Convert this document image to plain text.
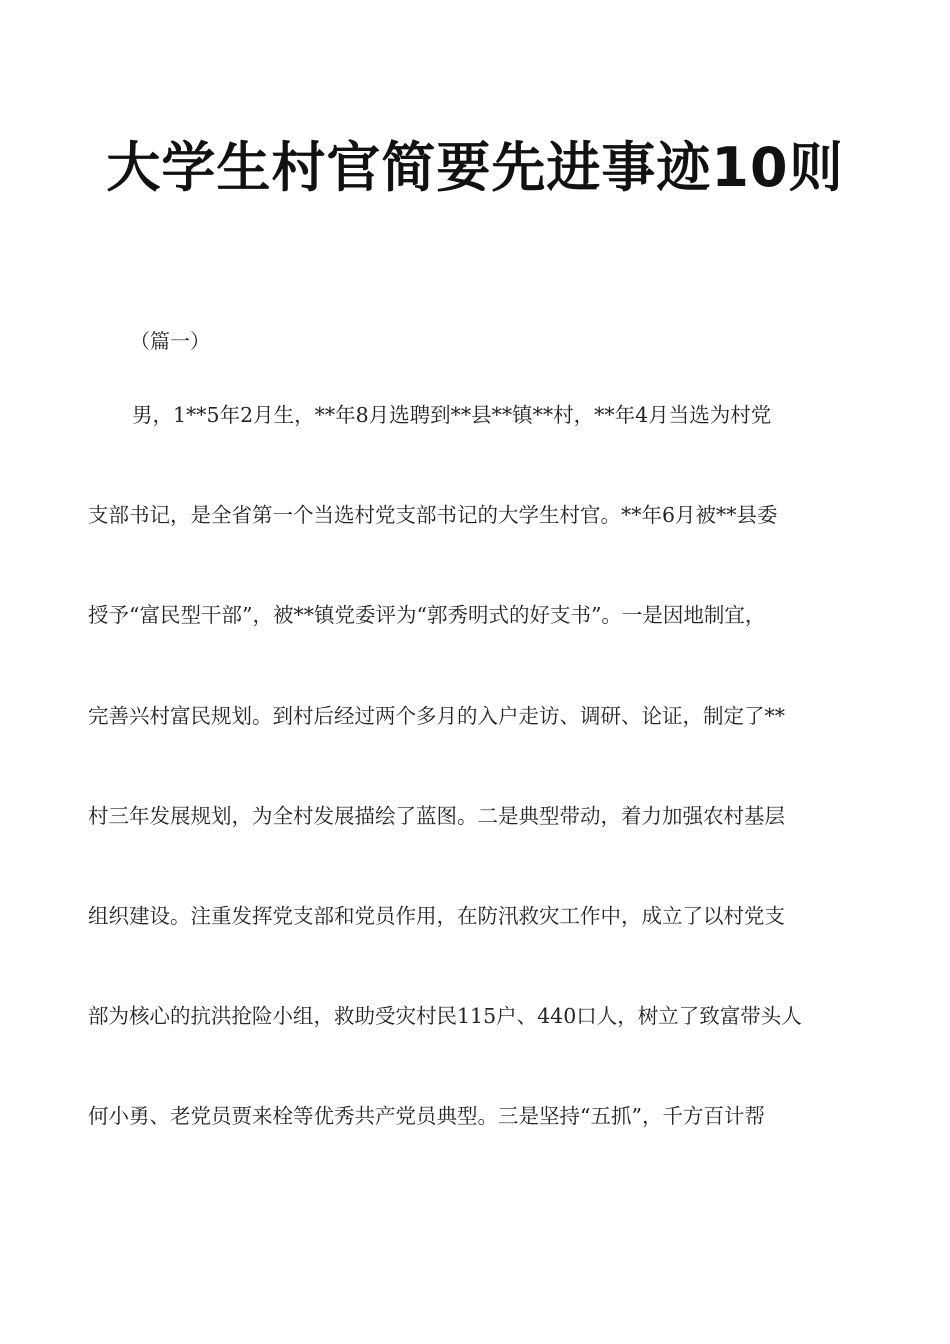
大学生村官简要先进事迹10则
（篇一）
男，1**5年2月生，**年8月选聘到**县**镇**村，**年4月当选为村党
支部书记，是全省第一个当选村党支部书记的大学生村官。**年6月被**县委
授予“富民型干部”，被**镇党委评为“郭秀明式的好支书”。一是因地制宜，
完善兴村富民规划。到村后经过两个多月的入户走访、调研、论证，制定了**
村三年发展规划，为全村发展描绘了蓝图。二是典型带动，着力加强农村基层
组织建设。注重发挥党支部和党员作用，在防汛救灾工作中，成立了以村党支
部为核心的抗洪抢险小组，救助受灾村民115户、440口人，树立了致富带头人
何小勇、老党员贾来栓等优秀共产党员典型。三是坚持“五抓”，千方百计帮
